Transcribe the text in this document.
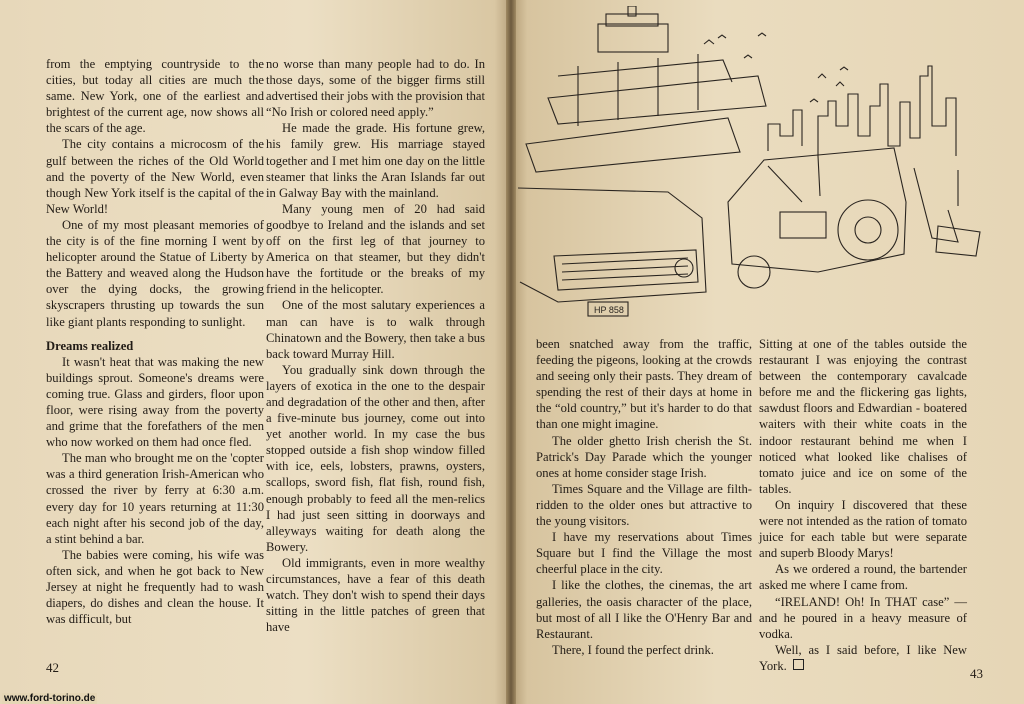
from the emptying countryside to the cities, but today all cities are much the same. New York, one of the earliest and brightest of the current age, now shows all the scars of the age.

The city contains a microcosm of the gulf between the riches of the Old World and the poverty of the New World, even though New York itself is the capital of the New World!

One of my most pleasant memories of the city is of the fine morning I went by helicopter around the Statue of Liberty by the Battery and weaved along the Hudson over the dying docks, the growing skyscrapers thrusting up towards the sun like giant plants responding to sunlight.

Dreams realized

It wasn't heat that was making the new buildings sprout. Someone's dreams were coming true. Glass and girders, floor upon floor, were rising away from the poverty and grime that the forefathers of the men who now worked on them had once fled.

The man who brought me on the 'copter was a third generation Irish-American who crossed the river by ferry at 6:30 a.m. every day for 10 years returning at 11:30 each night after his second job of the day, a stint behind a bar.

The babies were coming, his wife was often sick, and when he got back to New Jersey at night he frequently had to wash diapers, do dishes and clean the house. It was difficult, but

no worse than many people had to do. In those days, some of the bigger firms still advertised their jobs with the provision that “No Irish or colored need apply.”

He made the grade. His fortune grew, his family grew. His marriage stayed together and I met him one day on the little steamer that links the Aran Islands far out in Galway Bay with the mainland.

Many young men of 20 had said goodbye to Ireland and the islands and set off on the first leg of that journey to America on that steamer, but they didn't have the fortitude or the breaks of my friend in the helicopter.

One of the most salutary experiences a man can have is to walk through Chinatown and the Bowery, then take a bus back toward Murray Hill.

You gradually sink down through the layers of exotica in the one to the despair and degradation of the other and then, after a five-minute bus journey, come out into yet another world. In my case the bus stopped outside a fish shop window filled with ice, eels, lobsters, prawns, oysters, scallops, sword fish, flat fish, round fish, enough probably to feed all the men-relics I had just seen sitting in doorways and alleyways waiting for death along the Bowery.

Old immigrants, even in more wealthy circumstances, have a fear of this death watch. They don't wish to spend their days sitting in the little patches of green that have

42

been snatched away from the traffic, feeding the pigeons, looking at the crowds and seeing only their pasts. They dream of spending the rest of their days at home in the “old country,” but it's harder to do that than one might imagine.

The older ghetto Irish cherish the St. Patrick's Day Parade which the younger ones at home consider stage Irish.

Times Square and the Village are filth-ridden to the older ones but attractive to the young visitors.

I have my reservations about Times Square but I find the Village the most cheerful place in the city.

I like the clothes, the cinemas, the art galleries, the oasis character of the place, but most of all I like the O'Henry Bar and Restaurant.

There, I found the perfect drink.

Sitting at one of the tables outside the restaurant I was enjoying the contrast between the contemporary cavalcade before me and the flickering gas lights, sawdust floors and Edwardian - boatered waiters with their white coats in the indoor restaurant behind me when I noticed what looked like chalises of tomato juice and ice on some of the tables.

On inquiry I discovered that these were not intended as the ration of tomato juice for each table but were separate and superb Bloody Marys!

As we ordered a round, the bartender asked me where I came from.

“IRELAND! Oh! In THAT case” —and he poured in a heavy measure of vodka.

Well, as I said before, I like New York.

43
HP 858
www.ford-torino.de
